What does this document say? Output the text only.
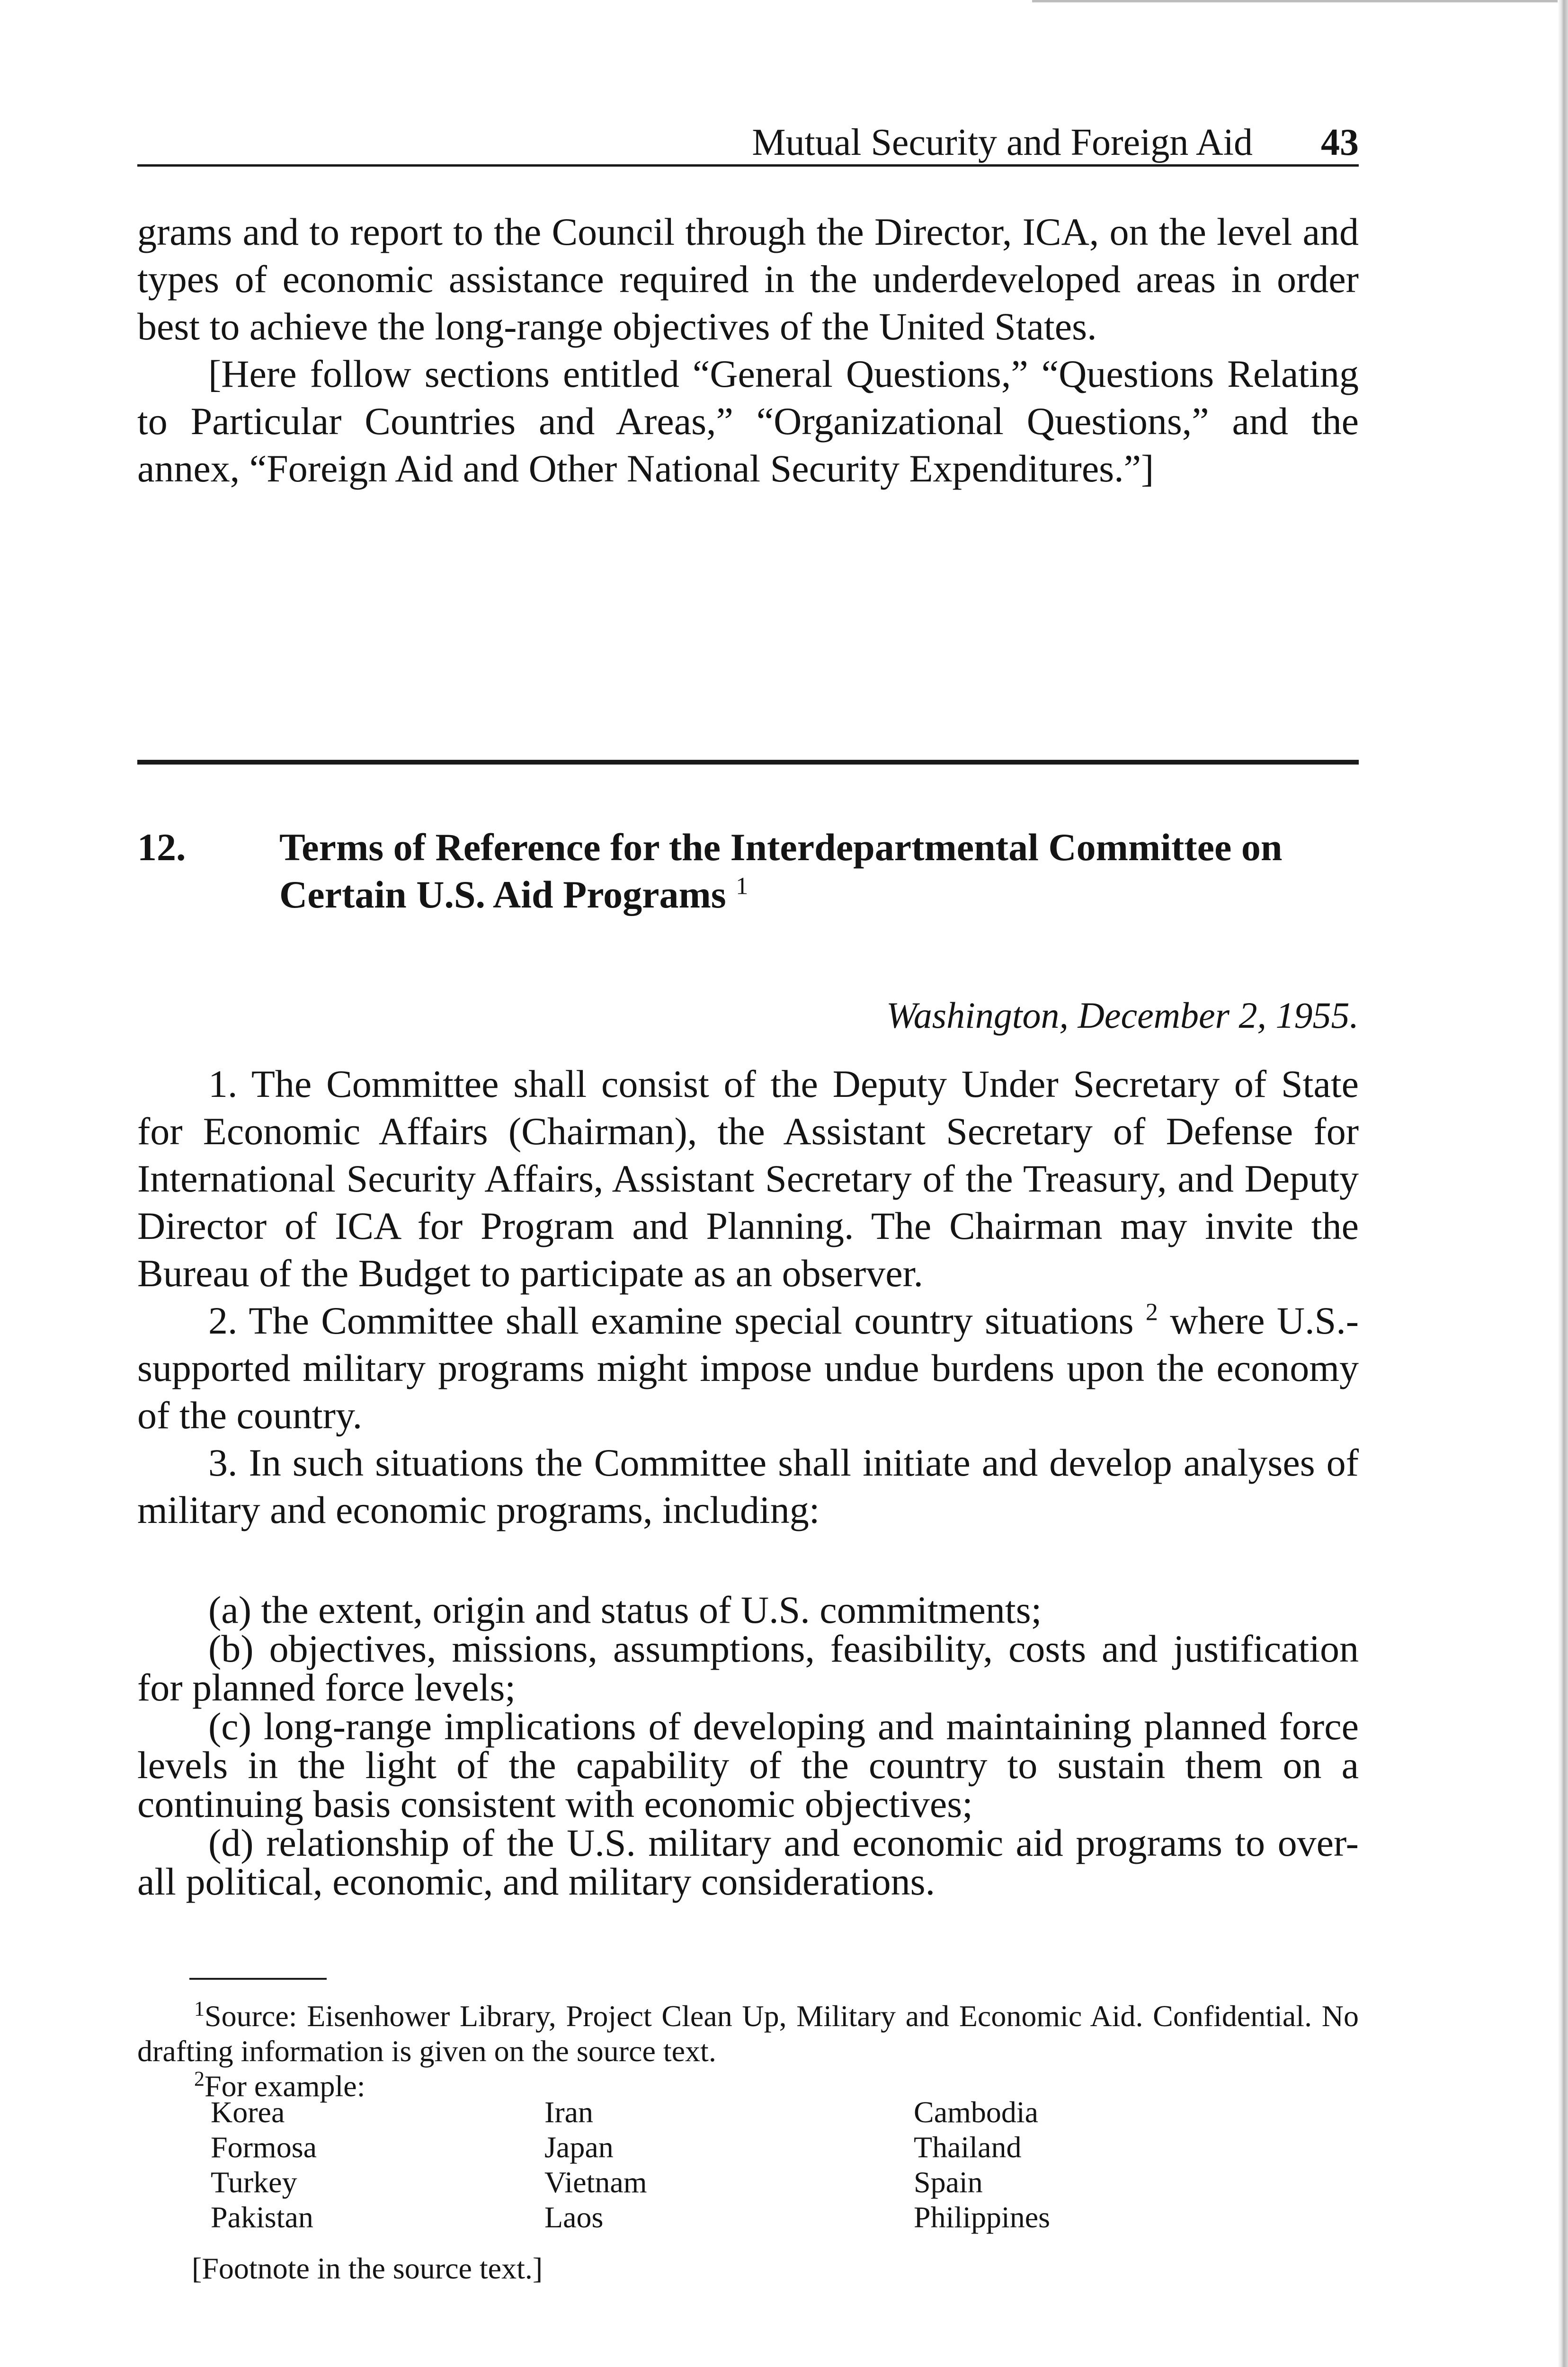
Mutual Security and Foreign Aid 43

grams and to report to the Council through the Director, ICA, on the level and types of economic assistance required in the underdeveloped areas in order best to achieve the long-range objectives of the United States.

[Here follow sections entitled “General Questions,” “Questions Relating to Particular Countries and Areas,” “Organizational Questions,” and the annex, “Foreign Aid and Other National Security Expenditures.”]

12. Terms of Reference for the Interdepartmental Committee on Certain U.S. Aid Programs $^1$
Washington, December 2, 1955.

1. The Committee shall consist of the Deputy Under Secretary of State for Economic Affairs (Chairman), the Assistant Secretary of Defense for International Security Affairs, Assistant Secretary of the Treasury, and Deputy Director of ICA for Program and Planning. The Chairman may invite the Bureau of the Budget to participate as an observer.

2. The Committee shall examine special country situations $^2$ where U.S.-supported military programs might impose undue burdens upon the economy of the country.

3. In such situations the Committee shall initiate and develop analyses of military and economic programs, including:

(a) the extent, origin and status of U.S. commitments;

(b) objectives, missions, assumptions, feasibility, costs and justification for planned force levels;

(c) long-range implications of developing and maintaining planned force levels in the light of the capability of the country to sustain them on a continuing basis consistent with economic objectives;

(d) relationship of the U.S. military and economic aid programs to over-all political, economic, and military considerations.

$^1$Source: Eisenhower Library, Project Clean Up, Military and Economic Aid. Confidential. No drafting information is given on the source text.

$^2$For example:

Korea
Formosa
Turkey
Pakistan
Iran
Japan
Vietnam
Laos
Cambodia
Thailand
Spain
Philippines
[Footnote in the source text.]
